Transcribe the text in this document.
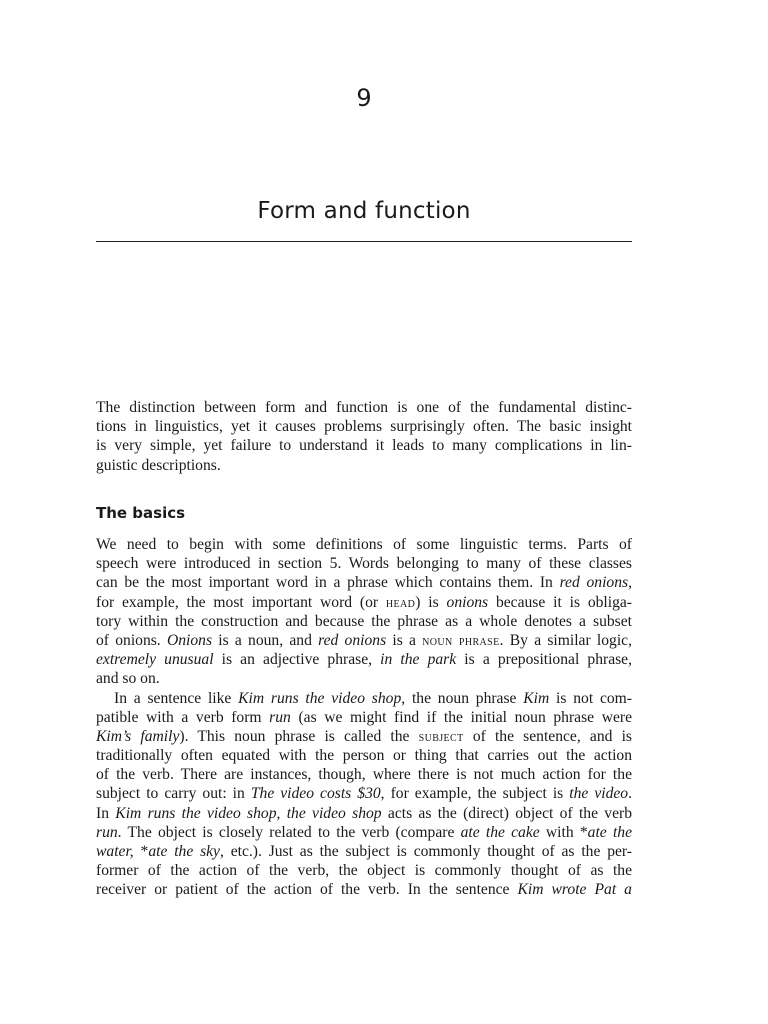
9
Form and function
The distinction between form and function is one of the fundamental distinc-
tions in linguistics, yet it causes problems surprisingly often. The basic insight
is very simple, yet failure to understand it leads to many complications in lin-
guistic descriptions.
The basics
We need to begin with some definitions of some linguistic terms. Parts of
speech were introduced in section 5. Words belonging to many of these classes
can be the most important word in a phrase which contains them. In red onions,
for example, the most important word (or head) is onions because it is obliga-
tory within the construction and because the phrase as a whole denotes a subset
of onions. Onions is a noun, and red onions is a noun phrase. By a similar logic,
extremely unusual is an adjective phrase, in the park is a prepositional phrase,
and so on.
In a sentence like Kim runs the video shop, the noun phrase Kim is not com-
patible with a verb form run (as we might find if the initial noun phrase were
Kim’s family). This noun phrase is called the subject of the sentence, and is
traditionally often equated with the person or thing that carries out the action
of the verb. There are instances, though, where there is not much action for the
subject to carry out: in The video costs $30, for example, the subject is the video.
In Kim runs the video shop, the video shop acts as the (direct) object of the verb
run. The object is closely related to the verb (compare ate the cake with *ate the
water, *ate the sky, etc.). Just as the subject is commonly thought of as the per-
former of the action of the verb, the object is commonly thought of as the
receiver or patient of the action of the verb. In the sentence Kim wrote Pat a
